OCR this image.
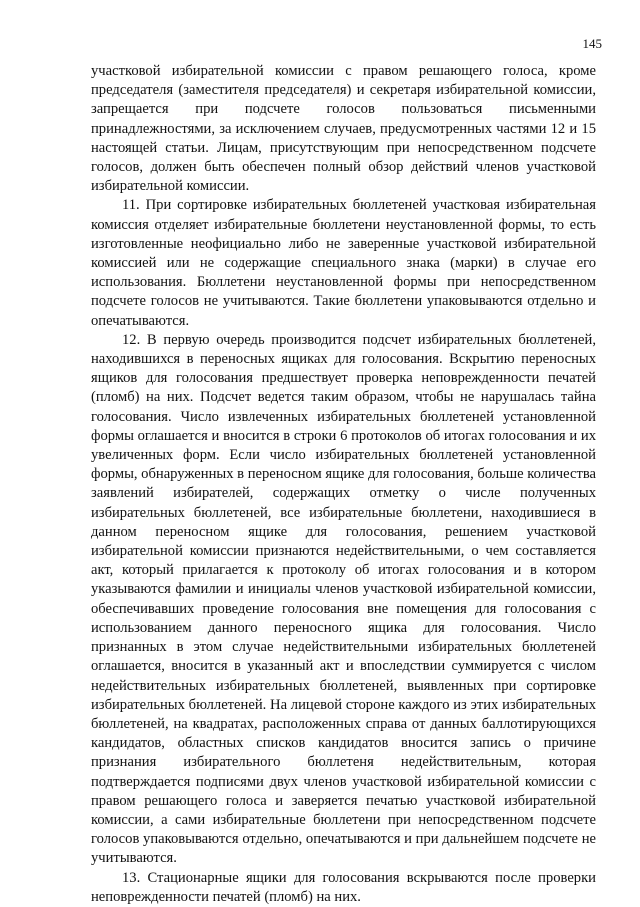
145

участковой избирательной комиссии с правом решающего голоса, кроме председателя (заместителя председателя) и секретаря избирательной комиссии, запрещается при подсчете голосов пользоваться письменными принадлежностями, за исключением случаев, предусмотренных частями 12 и 15 настоящей статьи. Лицам, присутствующим при непосредственном подсчете голосов, должен быть обеспечен полный обзор действий членов участковой избирательной комиссии.

11. При сортировке избирательных бюллетеней участковая избирательная комиссия отделяет избирательные бюллетени неустановленной формы, то есть изготовленные неофициально либо не заверенные участковой избирательной комиссией или не содержащие специального знака (марки) в случае его использования. Бюллетени неустановленной формы при непосредственном подсчете голосов не учитываются. Такие бюллетени упаковываются отдельно и опечатываются.

12. В первую очередь производится подсчет избирательных бюллетеней, находившихся в переносных ящиках для голосования. Вскрытию переносных ящиков для голосования предшествует проверка неповрежденности печатей (пломб) на них. Подсчет ведется таким образом, чтобы не нарушалась тайна голосования. Число извлеченных избирательных бюллетеней установленной формы оглашается и вносится в строки 6 протоколов об итогах голосования и их увеличенных форм. Если число избирательных бюллетеней установленной формы, обнаруженных в переносном ящике для голосования, больше количества заявлений избирателей, содержащих отметку о числе полученных избирательных бюллетеней, все избирательные бюллетени, находившиеся в данном переносном ящике для голосования, решением участковой избирательной комиссии признаются недействительными, о чем составляется акт, который прилагается к протоколу об итогах голосования и в котором указываются фамилии и инициалы членов участковой избирательной комиссии, обеспечивавших проведение голосования вне помещения для голосования с использованием данного переносного ящика для голосования. Число признанных в этом случае недействительными избирательных бюллетеней оглашается, вносится в указанный акт и впоследствии суммируется с числом недействительных избирательных бюллетеней, выявленных при сортировке избирательных бюллетеней. На лицевой стороне каждого из этих избирательных бюллетеней, на квадратах, расположенных справа от данных баллотирующихся кандидатов, областных списков кандидатов вносится запись о причине признания избирательного бюллетеня недействительным, которая подтверждается подписями двух членов участковой избирательной комиссии с правом решающего голоса и заверяется печатью участковой избирательной комиссии, а сами избирательные бюллетени при непосредственном подсчете голосов упаковываются отдельно, опечатываются и при дальнейшем подсчете не учитываются.

13. Стационарные ящики для голосования вскрываются после проверки неповрежденности печатей (пломб) на них.
